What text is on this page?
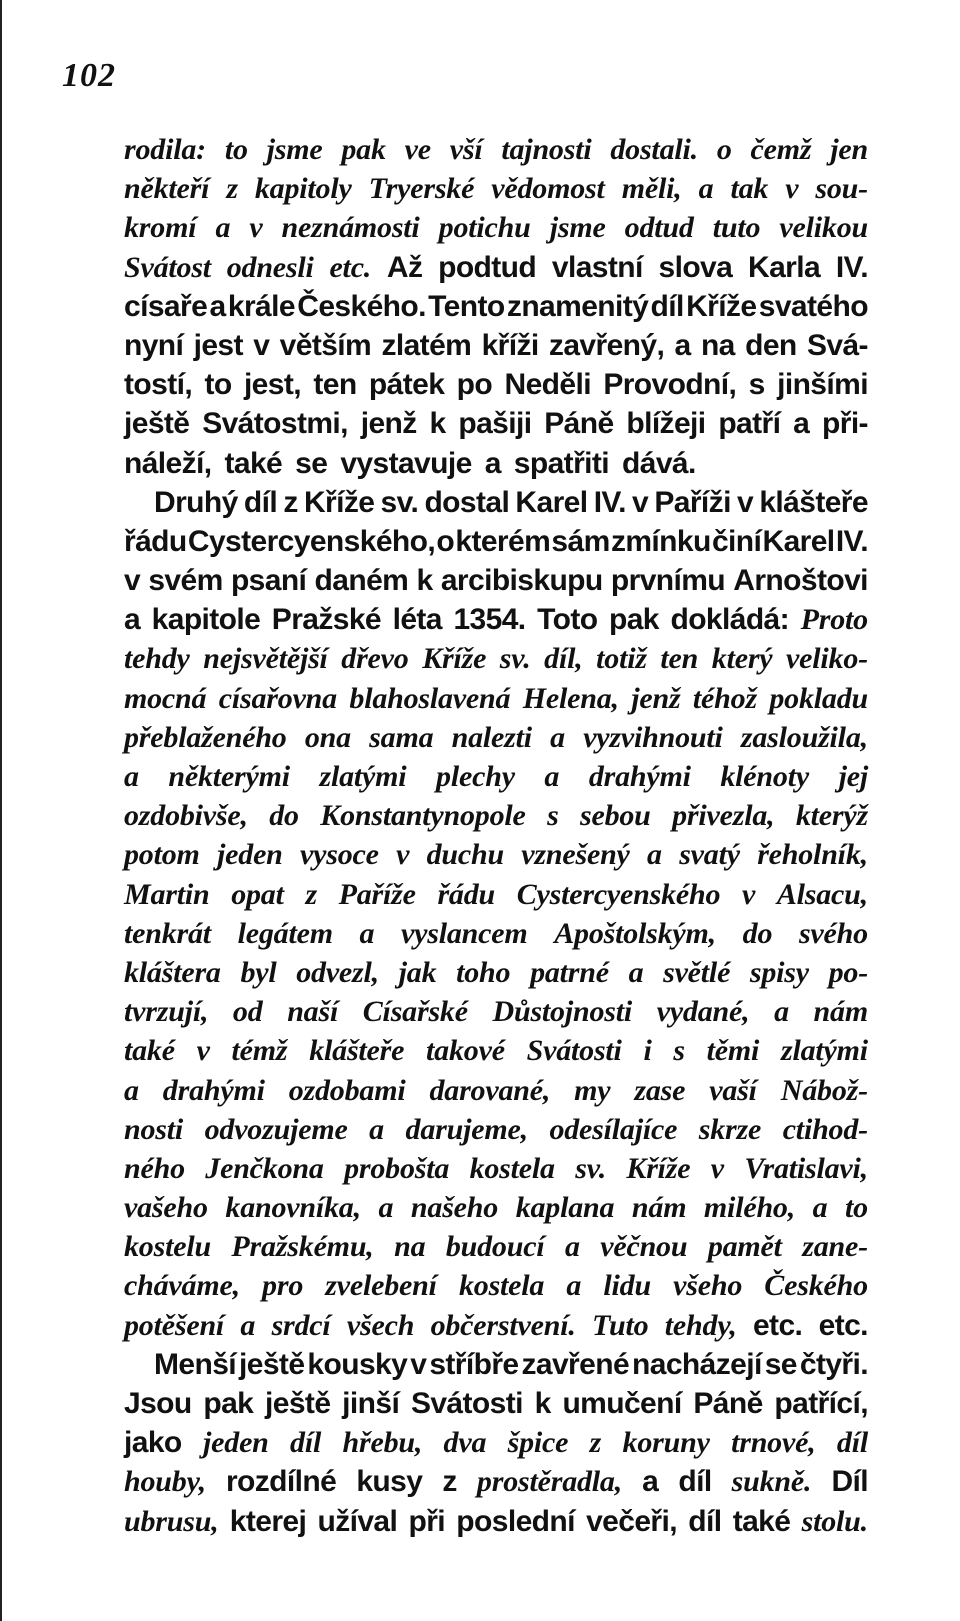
102
rodila: to jsme pak ve vší tajnosti dostali. o čemž jen
někteří z kapitoly Tryerské vědomost měli, a tak v sou-
kromí a v neznámosti potichu jsme odtud tuto velikou
Svátost odnesli etc. Až podtud vlastní slova Karla IV.
císaře a krále Českého. Tento znamenitý díl Kříže svatého
nyní jest v větším zlatém kříži zavřený, a na den Svá-
tostí, to jest, ten pátek po Neděli Provodní, s jinšími
ještě Svátostmi, jenž k pašiji Páně blížeji patří a při-
náleží, také se vystavuje a spatřiti dává.
Druhý díl z Kříže sv. dostal Karel IV. v Paříži v klášteře
řádu Cystercyenského, o kterém sám zmínku činí Karel IV.
v svém psaní daném k arcibiskupu prvnímu Arnoštovi
a kapitole Pražské léta 1354. Toto pak dokládá: Proto
tehdy nejsvětější dřevo Kříže sv. díl, totiž ten který veliko-
mocná císařovna blahoslavená Helena, jenž téhož pokladu
přeblaženého ona sama nalezti a vyzvihnouti zasloužila,
a některými zlatými plechy a drahými klénoty jej
ozdobivše, do Konstantynopole s sebou přivezla, kterýž
potom jeden vysoce v duchu vznešený a svatý řeholník,
Martin opat z Paříže řádu Cystercyenského v Alsacu,
tenkrát legátem a vyslancem Apoštolským, do svého
kláštera byl odvezl, jak toho patrné a světlé spisy po-
tvrzují, od naší Císařské Důstojnosti vydané, a nám
také v témž klášteře takové Svátosti i s těmi zlatými
a drahými ozdobami darované, my zase vaší Nábož-
nosti odvozujeme a darujeme, odesílajíce skrze ctihod-
ného Jenčkona probošta kostela sv. Kříže v Vratislavi,
vašeho kanovníka, a našeho kaplana nám milého, a to
kostelu Pražskému, na budoucí a věčnou pamět zane-
cháváme, pro zvelebení kostela a lidu všeho Českého
potěšení a srdcí všech občerstvení. Tuto tehdy, etc. etc.
Menší ještě kousky v stříbře zavřené nacházejí se čtyři.
Jsou pak ještě jinší Svátosti k umučení Páně patřící,
jako jeden díl hřebu, dva špice z koruny trnové, díl
houby, rozdílné kusy z prostěradla, a díl sukně. Díl
ubrusu, kterej užíval při poslední večeři, díl také stolu.
